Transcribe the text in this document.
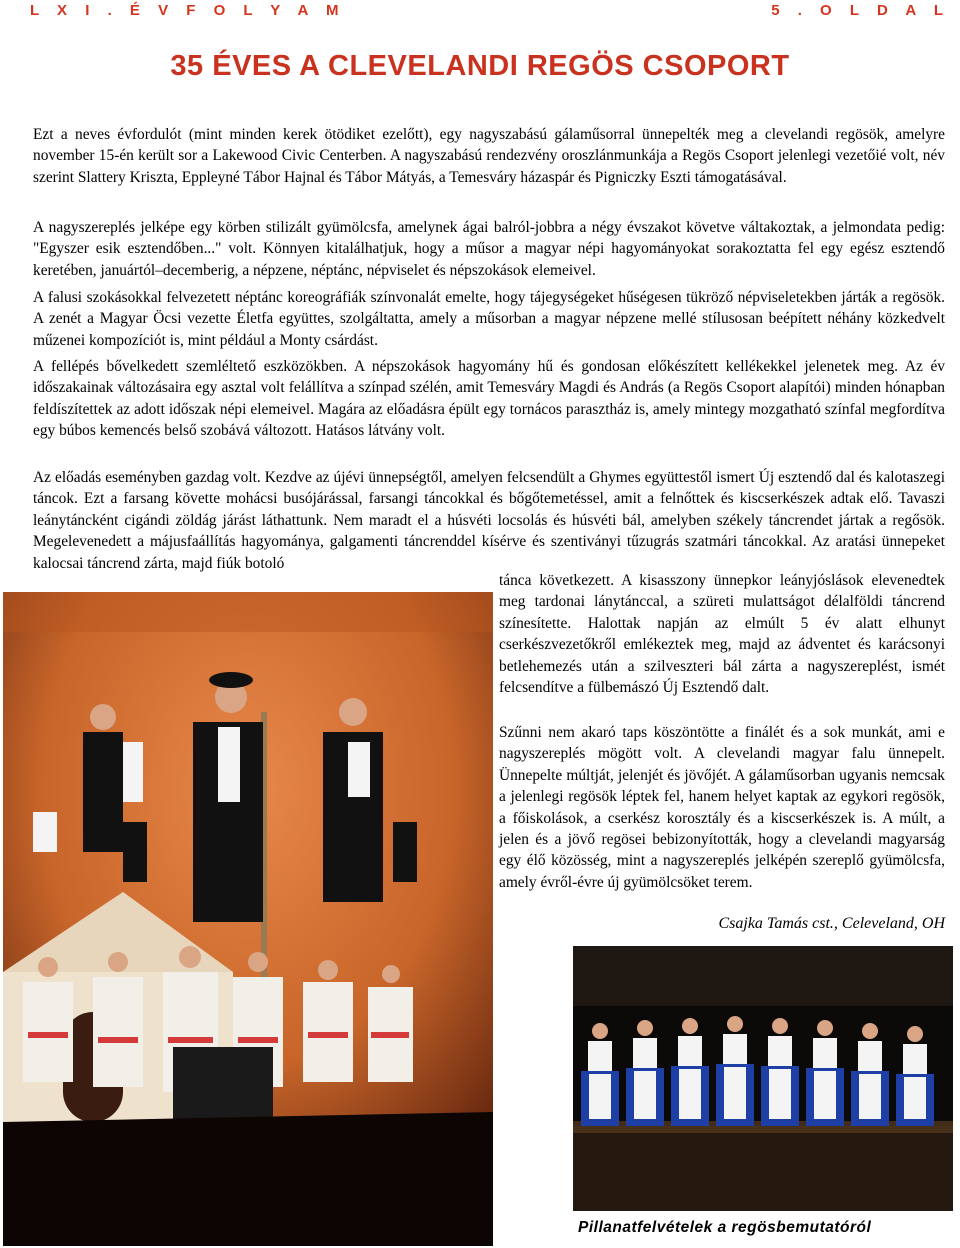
L X I . É V F O L Y A M	5 . O L D A L
35 ÉVES A CLEVELANDI REGÖS CSOPORT

Ezt a neves évfordulót (mint minden kerek ötödiket ezelőtt), egy nagyszabású gálaműsorral ünnepelték meg a clevelandi regösök, amelyre november 15-én került sor a Lakewood Civic Centerben. A nagyszabású rendezvény oroszlánmunkája a Regös Csoport jelenlegi vezetőié volt, név szerint Slattery Kriszta, Eppleyné Tábor Hajnal és Tábor Mátyás, a Temesváry házaspár és Pigniczky Eszti támogatásával.

A nagyszereplés jelképe egy körben stilizált gyümölcsfa, amelynek ágai balról-jobbra a négy évszakot követve váltakoztak, a jelmondata pedig: "Egyszer esik esztendőben..." volt. Könnyen kitalálhatjuk, hogy a műsor a magyar népi hagyományokat sorakoztatta fel egy egész esztendő keretében, januártól–decemberig, a népzene, néptánc, népviselet és népszokások elemeivel.

A falusi szokásokkal felvezetett néptánc koreográfiák színvonalát emelte, hogy tájegységeket hűségesen tükröző népviseletekben járták a regösök. A zenét a Magyar Öcsi vezette Életfa együttes, szolgáltatta, amely a műsorban a magyar népzene mellé stílusosan beépített néhány közkedvelt műzenei kompozíciót is, mint például a Monty csárdást.

A fellépés bővelkedett szemléltető eszközökben. A népszokások hagyomány hű és gondosan előkészített kellékekkel jelenetek meg. Az év időszakainak változásaira egy asztal volt felállítva a színpad szélén, amit Temesváry Magdi és András (a Regös Csoport alapítói) minden hónapban feldíszítettek az adott időszak népi elemeivel. Magára az előadásra épült egy tornácos parasztház is, amely mintegy mozgatható színfal megfordítva egy búbos kemencés belső szobává változott. Hatásos látvány volt.

Az előadás eseményben gazdag volt. Kezdve az újévi ünnepségtől, amelyen felcsendült a Ghymes együttestől ismert Új esztendő dal és kalotaszegi táncok. Ezt a farsang követte mohácsi busójárással, farsangi táncokkal és bőgőtemetéssel, amit a felnőttek és kiscserkészek adtak elő. Tavaszi leánytáncként cigándi zöldág járást láthattunk. Nem maradt el a húsvéti locsolás és húsvéti bál, amelyben székely táncrendet jártak a regősök. Megelevenedett a májusfaállítás hagyománya, galgamenti táncrenddel kísérve és szentiványi tűzugrás szatmári táncokkal. Az aratási ünnepeket kalocsai táncrend zárta, majd fiúk botoló

tánca következett. A kisasszony ünnepkor leányjóslások elevenedtek meg tardonai lánytánccal, a szüreti mulattságot délalföldi táncrend színesítette. Halottak napján az elmúlt 5 év alatt elhunyt cserkészvezetőkről emlékeztek meg, majd az ádventet és karácsonyi betlehemezés után a szilveszteri bál zárta a nagyszereplést, ismét felcsendítve a fülbemászó Új Esztendő dalt.

Szűnni nem akaró taps köszöntötte a finálét és a sok munkát, ami e nagyszereplés mögött volt. A clevelandi magyar falu ünnepelt. Ünnepelte múltját, jelenjét és jövőjét. A gálaműsorban ugyanis nemcsak a jelenlegi regösök léptek fel, hanem helyet kaptak az egykori regösök, a főiskolások, a cserkész korosztály és a kiscserkészek is. A múlt, a jelen és a jövő regösei bebizonyították, hogy a clevelandi magyarság egy élő közösség, mint a nagyszereplés jelképén szereplő gyümölcsfa, amely évről-évre új gyümölcsöket terem.

Csajka Tamás cst., Celeveland, OH
Pillanatfelvételek a regösbemutatóról
